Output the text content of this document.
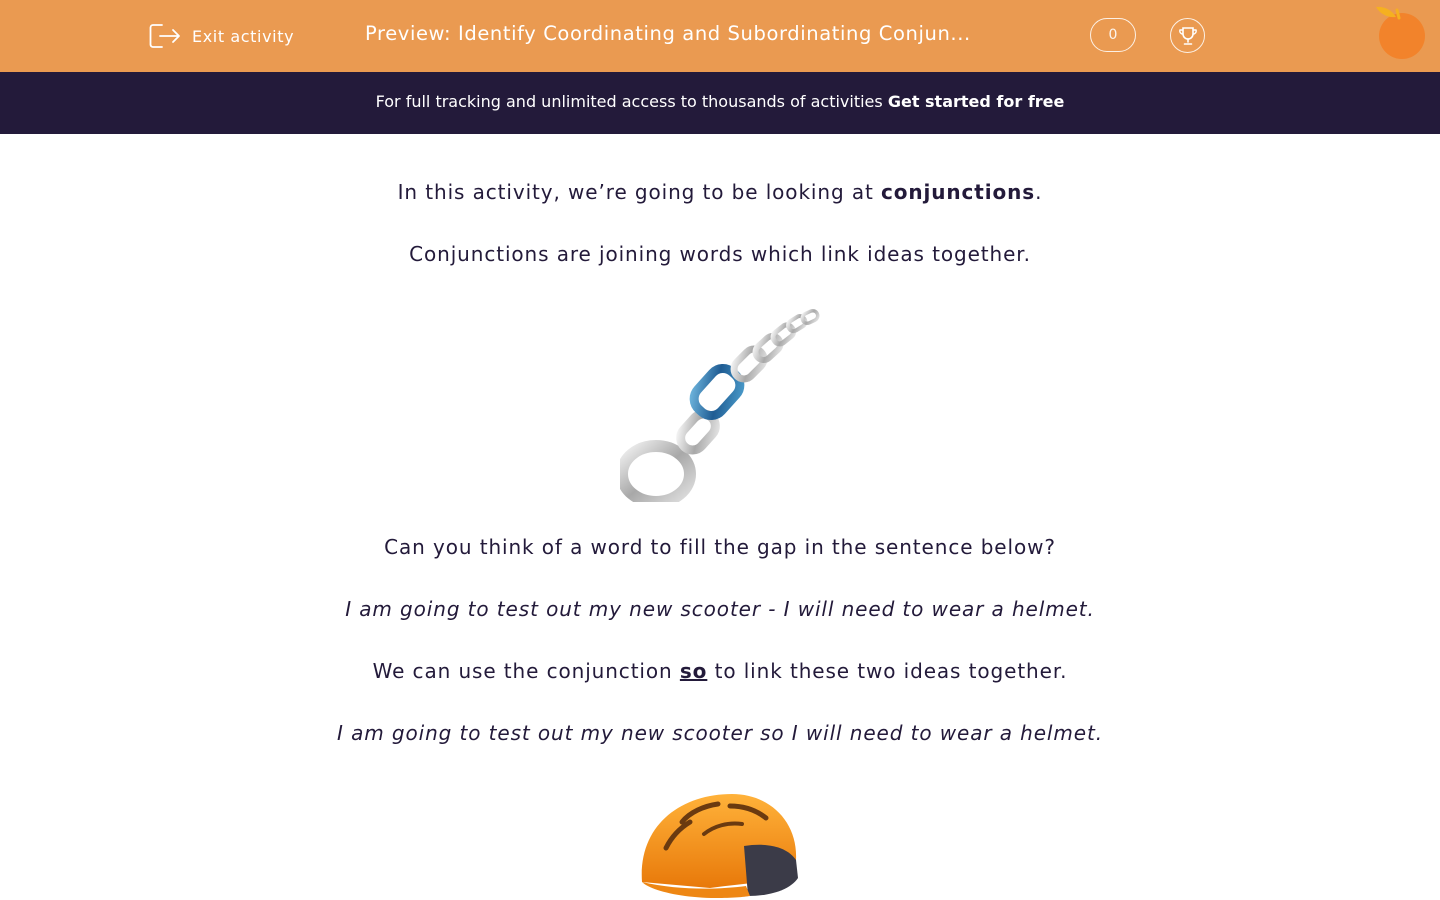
Exit activity	Preview: Identify Coordinating and Subordinating Conjun...	0
For full tracking and unlimited access to thousands of activities Get started for free
In this activity, we’re going to be looking at conjunctions.
Conjunctions are joining words which link ideas together.
Can you think of a word to fill the gap in the sentence below?
I am going to test out my new scooter - I will need to wear a helmet.
We can use the conjunction so to link these two ideas together.
I am going to test out my new scooter so I will need to wear a helmet.
